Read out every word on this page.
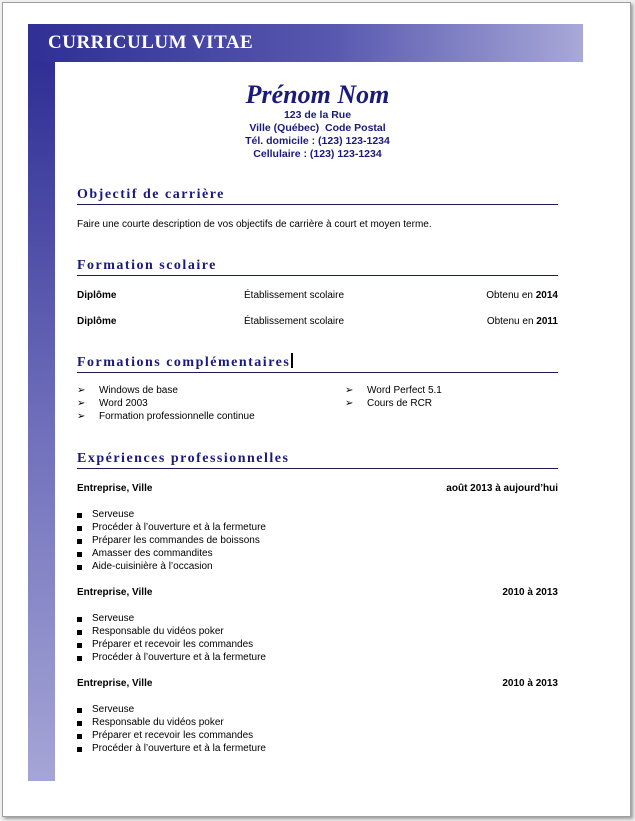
CURRICULUM VITAE
Prénom Nom
123 de la Rue
Ville (Québec)  Code Postal
Tél. domicile : (123) 123-1234
Cellulaire : (123) 123-1234
Objectif de carrière
Faire une courte description de vos objectifs de carrière à court et moyen terme.
Formation scolaire
Diplôme	Établissement scolaire	Obtenu en 2014
Diplôme	Établissement scolaire	Obtenu en 2011
Formations complémentaires
➢ Windows de base
➢ Word 2003
➢ Formation professionnelle continue
➢ Word Perfect 5.1
➢ Cours de RCR
Expériences professionnelles
Entreprise, Ville	août 2013 à aujourd’hui
Serveuse
Procéder à l’ouverture et à la fermeture
Préparer les commandes de boissons
Amasser des commandites
Aide-cuisinière à l’occasion
Entreprise, Ville	2010 à 2013
Serveuse
Responsable du vidéos poker
Préparer et recevoir les commandes
Procéder à l’ouverture et à la fermeture
Entreprise, Ville	2010 à 2013
Serveuse
Responsable du vidéos poker
Préparer et recevoir les commandes
Procéder à l’ouverture et à la fermeture
